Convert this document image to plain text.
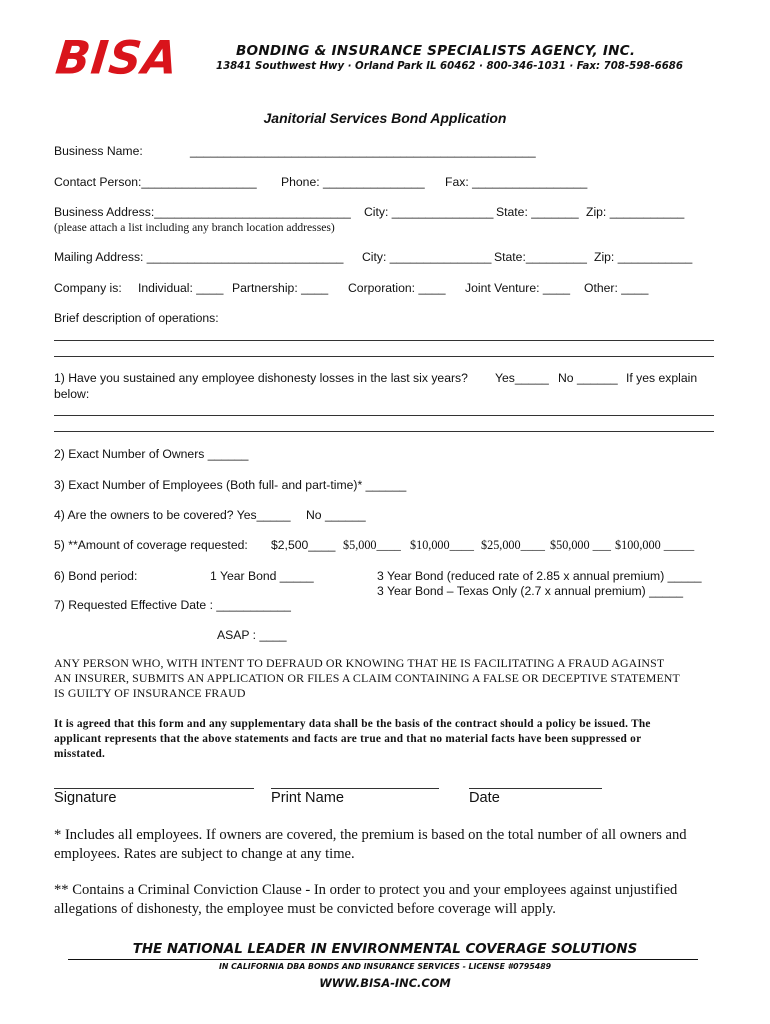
BISA	BONDING & INSURANCE SPECIALISTS AGENCY, INC.
13841 Southwest Hwy · Orland Park IL 60462 · 800-346-1031 · Fax: 708-598-6686
Janitorial Services Bond Application
Business Name:	___________________________________________________
Contact Person:_________________ Phone: _______________ Fax: _________________
Business Address:_____________________________ City: _______________ State: _______ Zip: ___________
(please attach a list including any branch location addresses)
Mailing Address: _____________________________ City: _______________ State:_________ Zip: ___________
Company is: Individual: ____ Partnership: ____ Corporation: ____ Joint Venture: ____ Other: ____
Brief description of operations:
1) Have you sustained any employee dishonesty losses in the last six years? Yes_____ No ______ If yes explain
below:
2) Exact Number of Owners ______
3) Exact Number of Employees (Both full- and part-time)* ______
4) Are the owners to be covered? Yes_____ No ______
5) **Amount of coverage requested: $2,500____ $5,000____ $10,000____ $25,000____ $50,000 ___ $100,000 _____
6) Bond period:	1 Year Bond _____	3 Year Bond (reduced rate of 2.85 x annual premium) _____
3 Year Bond – Texas Only (2.7 x annual premium) _____
7) Requested Effective Date : ___________
ASAP : ____
ANY PERSON WHO, WITH INTENT TO DEFRAUD OR KNOWING THAT HE IS FACILITATING A FRAUD AGAINST
AN INSURER, SUBMITS AN APPLICATION OR FILES A CLAIM CONTAINING A FALSE OR DECEPTIVE STATEMENT
IS GUILTY OF INSURANCE FRAUD
It is agreed that this form and any supplementary data shall be the basis of the contract should a policy be issued. The
applicant represents that the above statements and facts are true and that no material facts have been suppressed or
misstated.
Signature	Print Name	Date
* Includes all employees. If owners are covered, the premium is based on the total number of all owners and
employees. Rates are subject to change at any time.
** Contains a Criminal Conviction Clause - In order to protect you and your employees against unjustified
allegations of dishonesty, the employee must be convicted before coverage will apply.
THE NATIONAL LEADER IN ENVIRONMENTAL COVERAGE SOLUTIONS
IN CALIFORNIA DBA BONDS AND INSURANCE SERVICES - LICENSE #0795489
WWW.BISA-INC.COM
